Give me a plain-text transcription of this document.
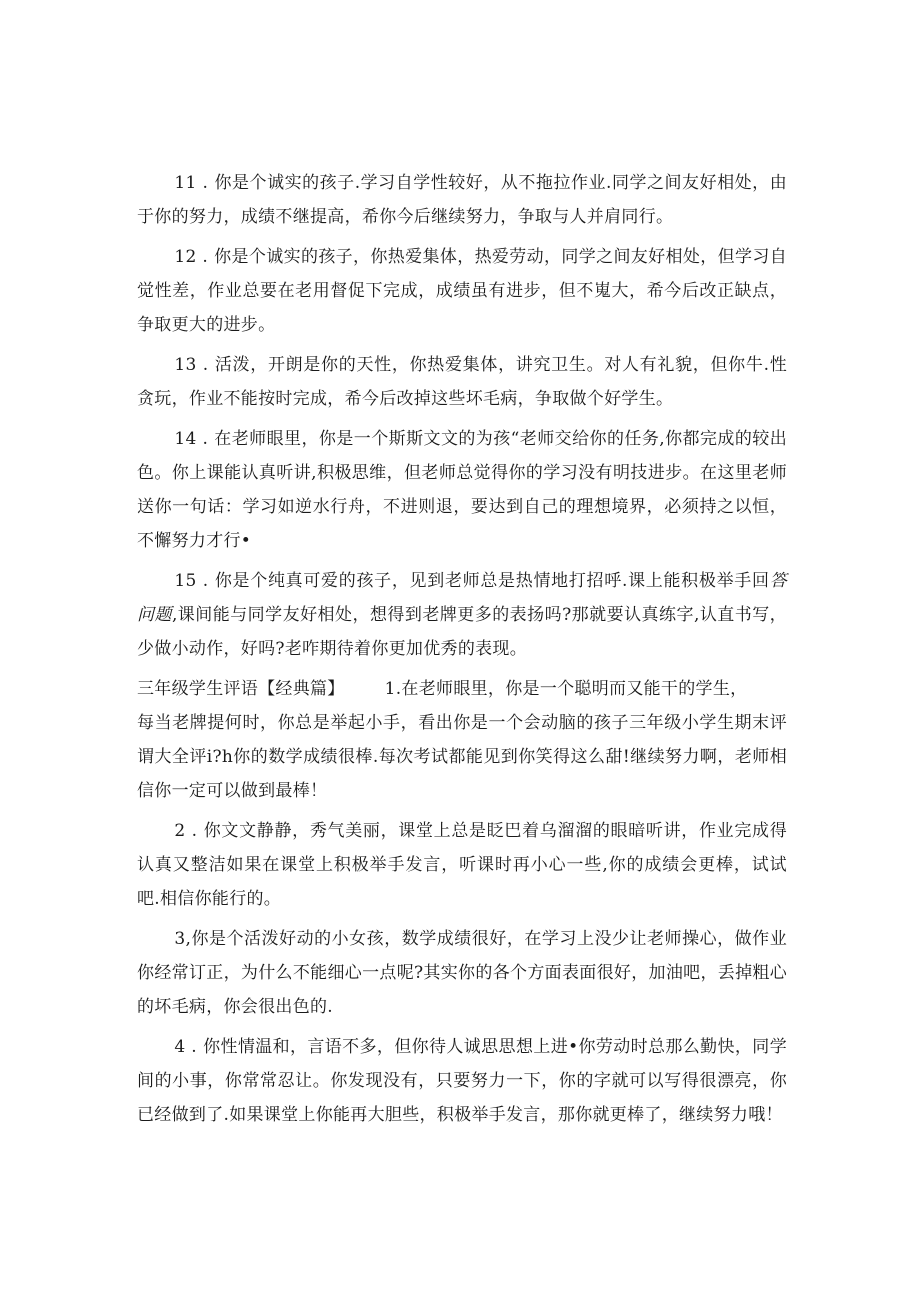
11 . 你是个诚实的孩子.学习自学性较好，从不拖拉作业.同学之间友好相处，由于你的努力，成绩不继提高，希你今后继续努力，争取与人并肩同行。

12 . 你是个诚实的孩子，你热爱集体，热爱劳动，同学之间友好相处，但学习自觉性差，作业总要在老用督促下完成，成绩虽有进步，但不嵬大，希今后改正缺点，争取更大的进步。

13 . 活泼，开朗是你的天性，你热爱集体，讲究卫生。对人有礼貌，但你牛.性贪玩，作业不能按时完成，希今后改掉这些坏毛病，争取做个好学生。

14 . 在老师眼里，你是一个斯斯文文的为孩“老师交给你的任务,你都完成的较出色。你上课能认真听讲,积极思维，但老师总觉得你的学习没有明技进步。在这里老师送你一句话：学习如逆水行舟，不进则退，要达到自己的理想境界，必须持之以恒，不懈努力才行•

15 . 你是个纯真可爱的孩子，见到老师总是热情地打招呼.课上能积极举手回答问题,课间能与同学友好相处，想得到老牌更多的表扬吗?那就要认真练字,认直书写，少做小动作，好吗?老咋期待着你更加优秀的表现。

三年级学生评语【经典篇】 1.在老师眼里，你是一个聪明而又能干的学生，

每当老牌提何时，你总是举起小手，看出你是一个会动脑的孩子三年级小学生期末评谓大全评i?h你的数学成绩很棒.每次考试都能见到你笑得这么甜!继续努力啊，老师相信你一定可以做到最棒！

2 . 你文文静静，秀气美丽，课堂上总是眨巴着乌溜溜的眼暗听讲，作业完成得认真又整洁如果在课堂上积极举手发言，听课时再小心一些,你的成绩会更棒，试试吧.相信你能行的。

3,你是个活泼好动的小女孩，数学成绩很好，在学习上没少让老师操心，做作业你经常订正，为什么不能细心一点呢?其实你的各个方面表面很好，加油吧，丢掉粗心的坏毛病，你会很出色的.

4 . 你性情温和，言语不多，但你待人诚思思想上进•你劳动时总那么勤快，同学间的小事，你常常忍让。你发现没有，只要努力一下，你的字就可以写得很漂亮，你已经做到了.如果课堂上你能再大胆些，积极举手发言，那你就更棒了，继续努力哦！
